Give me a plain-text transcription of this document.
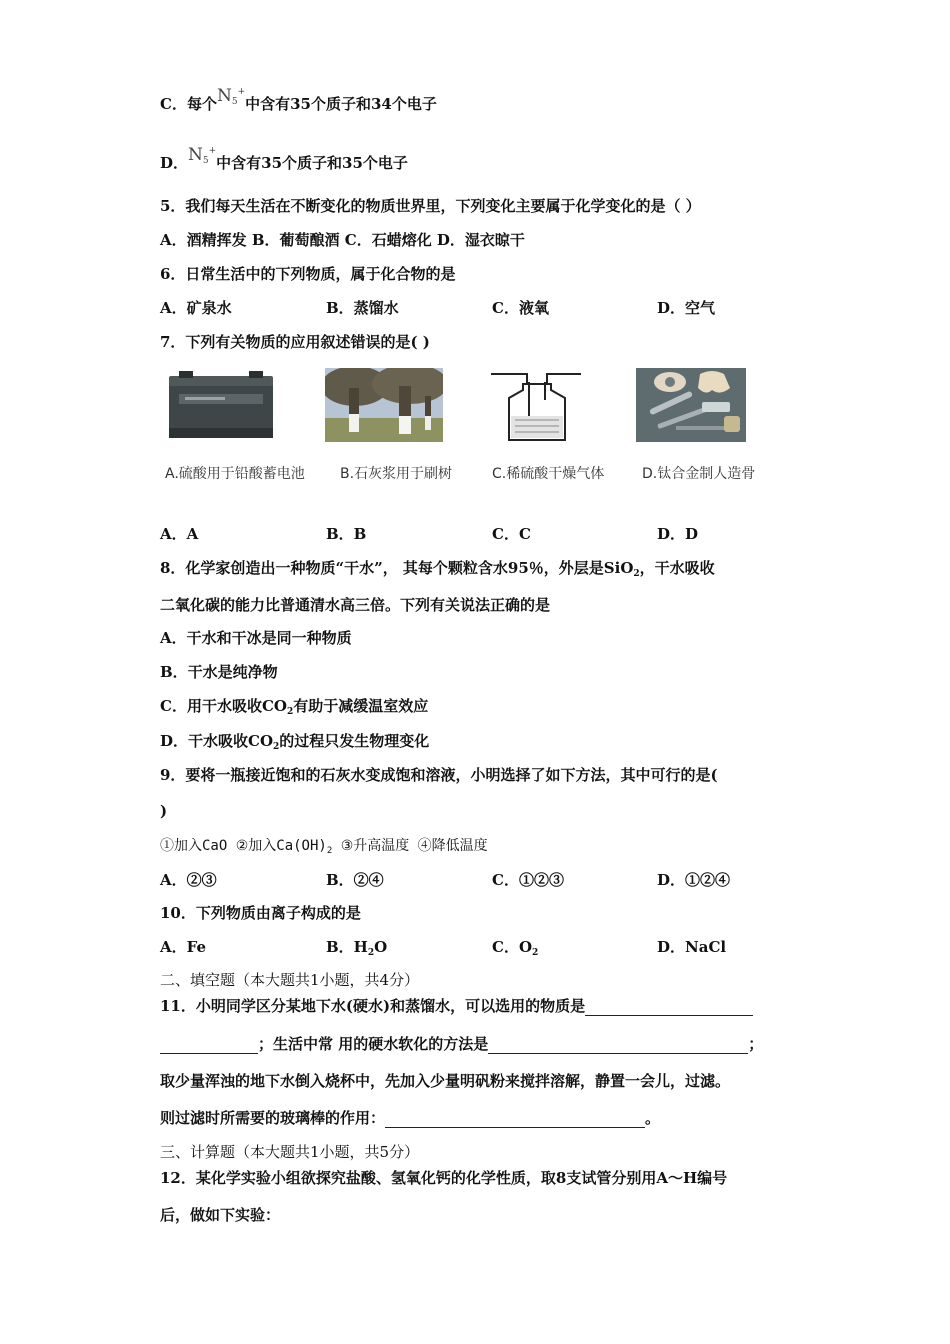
C．每个$N_5^+$中含有35个质子和34个电子
D．$N_5^+$中含有35个质子和35个电子
5．我们每天生活在不断变化的物质世界里，下列变化主要属于化学变化的是（ ）
A．酒精挥发 B．葡萄酿酒 C．石蜡熔化 D．湿衣晾干
6．日常生活中的下列物质，属于化合物的是
A．矿泉水	B．蒸馏水	C．液氧	D．空气
7．下列有关物质的应用叙述错误的是( )
A.硫酸用于铅酸蓄电池	B.石灰浆用于刷树	C.稀硫酸干燥气体	D.钛合金制人造骨
A．A	B．B	C．C	D．D
8．化学家创造出一种物质“干水”， 其每个颗粒含水95％，外层是SiO$_2$，干水吸收
二氧化碳的能力比普通清水高三倍。下列有关说法正确的是
A．干水和干冰是同一种物质
B．干水是纯净物
C．用干水吸收$CO_2$有助于减缓温室效应
D．干水吸收$CO_2$的过程只发生物理变化
9．要将一瓶接近饱和的石灰水变成饱和溶液，小明选择了如下方法，其中可行的是(
)
①加入CaO ②加入$Ca(OH)_2$ ③升高温度 ④降低温度
A．②③	B．②④	C．①②③	D．①②④
10．下列物质由离子构成的是
A．Fe	B．$H_2O$	C．$O_2$	D．NaCl
二、填空题（本大题共1小题，共4分）
11．小明同学区分某地下水(硬水)和蒸馏水，可以选用的物质是
；生活中常 用的硬水软化的方法是	；
取少量浑浊的地下水倒入烧杯中，先加入少量明矾粉来搅拌溶解，静置一会儿，过滤。
则过滤时所需要的玻璃棒的作用：	。
三、计算题（本大题共1小题，共5分）
12．某化学实验小组欲探究盐酸、氢氧化钙的化学性质，取8支试管分别用A～H编号
后，做如下实验：
